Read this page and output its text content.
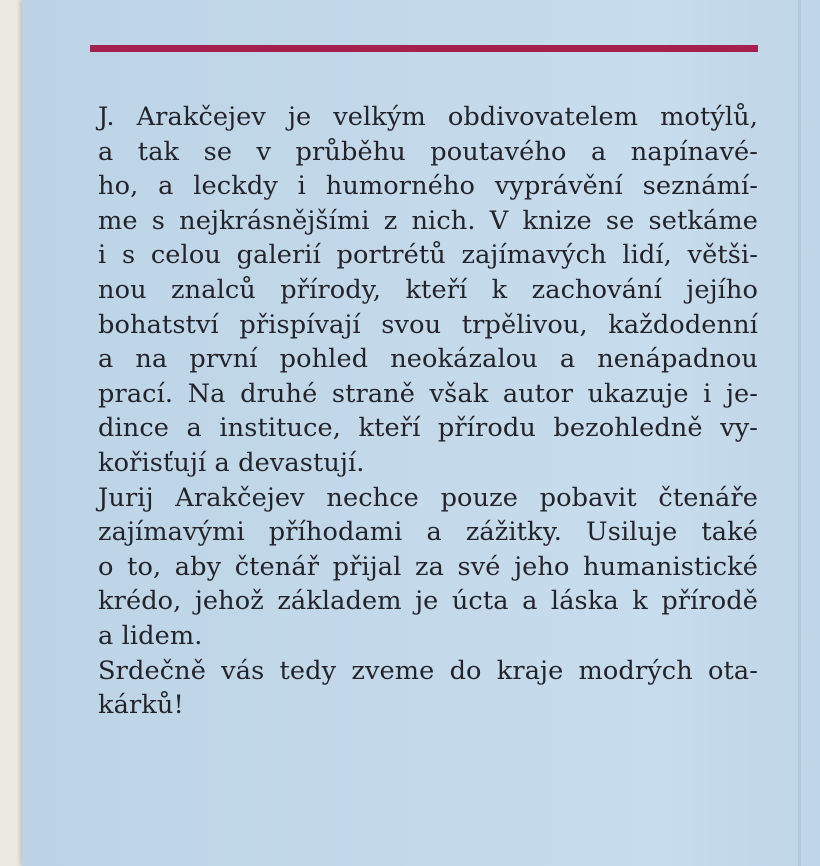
J. Arakčejev je velkým obdivovatelem motýlů,
a tak se v průběhu poutavého a napínavé-
ho, a leckdy i humorného vyprávění seznámí-
me s nejkrásnějšími z nich. V knize se setkáme
i s celou galerií portrétů zajímavých lidí, větši-
nou znalců přírody, kteří k zachování jejího
bohatství přispívají svou trpělivou, každodenní
a na první pohled neokázalou a nenápadnou
prací. Na druhé straně však autor ukazuje i je-
dince a instituce, kteří přírodu bezohledně vy-
kořisťují a devastují.
Jurij Arakčejev nechce pouze pobavit čtenáře
zajímavými příhodami a zážitky. Usiluje také
o to, aby čtenář přijal za své jeho humanistické
krédo, jehož základem je úcta a láska k přírodě
a lidem.
Srdečně vás tedy zveme do kraje modrých ota-
kárků!
